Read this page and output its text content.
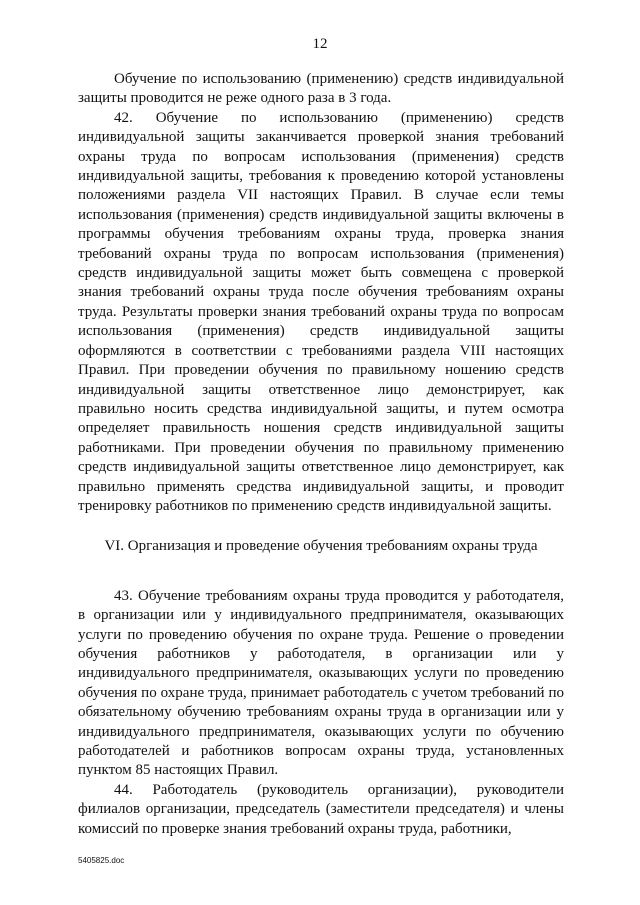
12

Обучение по использованию (применению) средств индивидуальной защиты проводится не реже одного раза в 3 года.

42. Обучение по использованию (применению) средств индивидуальной защиты заканчивается проверкой знания требований охраны труда по вопросам использования (применения) средств индивидуальной защиты, требования к проведению которой установлены положениями раздела VII настоящих Правил. В случае если темы использования (применения) средств индивидуальной защиты включены в программы обучения требованиям охраны труда, проверка знания требований охраны труда по вопросам использования (применения) средств индивидуальной защиты может быть совмещена с проверкой знания требований охраны труда после обучения требованиям охраны труда. Результаты проверки знания требований охраны труда по вопросам использования (применения) средств индивидуальной защиты оформляются в соответствии с требованиями раздела VIII настоящих Правил. При проведении обучения по правильному ношению средств индивидуальной защиты ответственное лицо демонстрирует, как правильно носить средства индивидуальной защиты, и путем осмотра определяет правильность ношения средств индивидуальной защиты работниками. При проведении обучения по правильному применению средств индивидуальной защиты ответственное лицо демонстрирует, как правильно применять средства индивидуальной защиты, и проводит тренировку работников по применению средств индивидуальной защиты.

VI. Организация и проведение обучения требованиям охраны труда

43. Обучение требованиям охраны труда проводится у работодателя, в организации или у индивидуального предпринимателя, оказывающих услуги по проведению обучения по охране труда. Решение о проведении обучения работников у работодателя, в организации или у индивидуального предпринимателя, оказывающих услуги по проведению обучения по охране труда, принимает работодатель с учетом требований по обязательному обучению требованиям охраны труда в организации или у индивидуального предпринимателя, оказывающих услуги по обучению работодателей и работников вопросам охраны труда, установленных пунктом 85 настоящих Правил.

44. Работодатель (руководитель организации), руководители филиалов организации, председатель (заместители председателя) и члены комиссий по проверке знания требований охраны труда, работники,

5405825.doc
